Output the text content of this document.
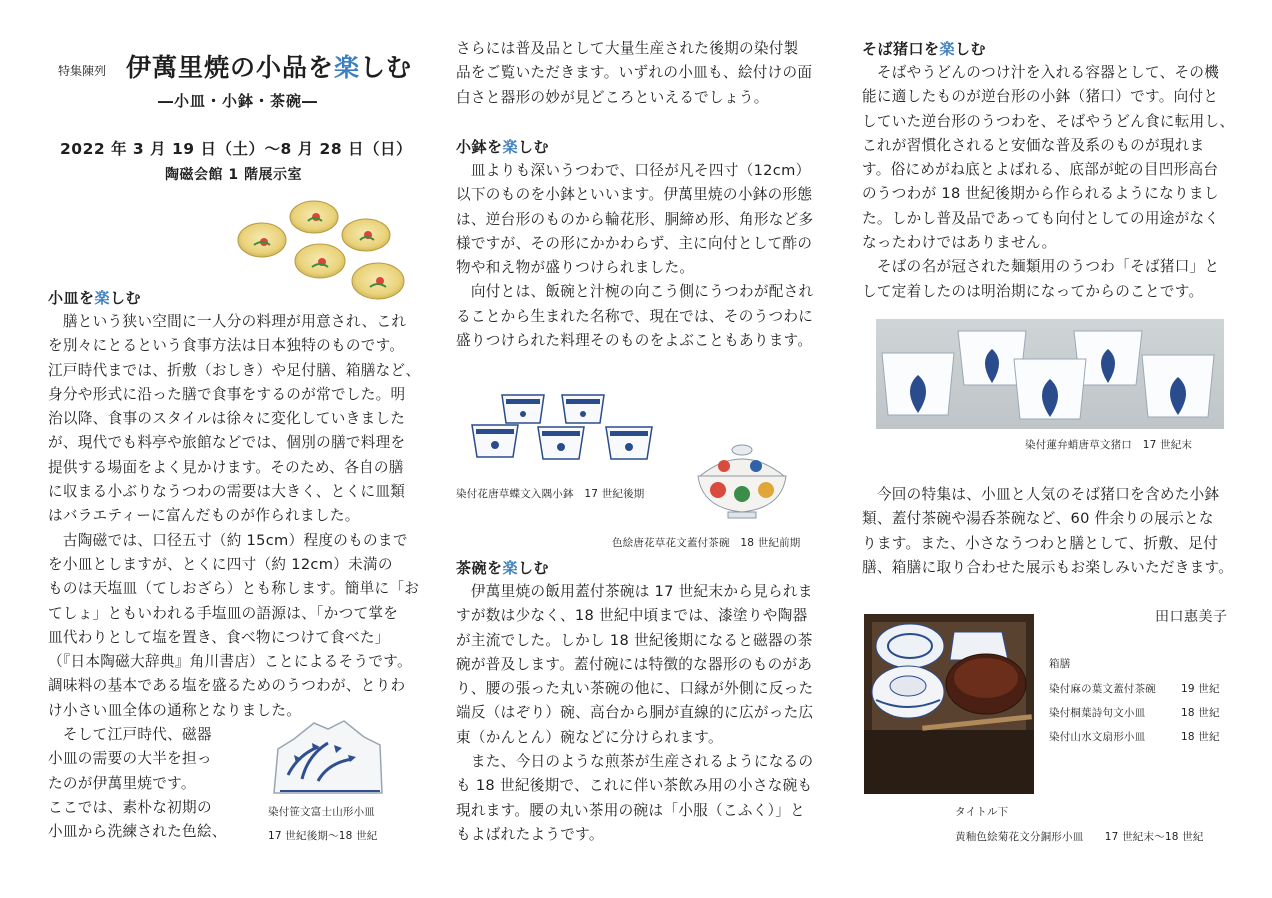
特集陳列 伊萬里焼の小品を楽しむ
―小皿・小鉢・茶碗―
2022 年 3 月 19 日（土）～8 月 28 日（日）
陶磁会館 1 階展示室
小皿を楽しむ

　膳という狭い空間に一人分の料理が用意され、これ
を別々にとるという食事方法は日本独特のものです。
江戸時代までは、折敷（おしき）や足付膳、箱膳など、
身分や形式に沿った膳で食事をするのが常でした。明
治以降、食事のスタイルは徐々に変化していきました
が、現代でも料亭や旅館などでは、個別の膳で料理を
提供する場面をよく見かけます。そのため、各自の膳
に収まる小ぶりなうつわの需要は大きく、とくに皿類
はバラエティーに富んだものが作られました。

　古陶磁では、口径五寸（約 15cm）程度のものまで
を小皿としますが、とくに四寸（約 12cm）未満の
ものは天塩皿（てしおざら）とも称します。簡単に「お
てしょ」ともいわれる手塩皿の語源は、「かつて掌を
皿代わりとして塩を置き、食べ物につけて食べた」
（『日本陶磁大辞典』角川書店）ことによるそうです。
調味料の基本である塩を盛るためのうつわが、とりわ
け小さい皿全体の通称となりました。

　そして江戸時代、磁器
小皿の需要の大半を担っ
たのが伊萬里焼です。
ここでは、素朴な初期の
小皿から洗練された色絵、

染付笹文富士山形小皿

17 世紀後期～18 世紀

さらには普及品として大量生産された後期の染付製
品をご覧いただきます。いずれの小皿も、絵付けの面
白さと器形の妙が見どころといえるでしょう。

小鉢を楽しむ

　皿よりも深いうつわで、口径が凡そ四寸（12cm）
以下のものを小鉢といいます。伊萬里焼の小鉢の形態
は、逆台形のものから輪花形、胴締め形、角形など多
様ですが、その形にかかわらず、主に向付として酢の
物や和え物が盛りつけられました。

　向付とは、飯碗と汁椀の向こう側にうつわが配され
ることから生まれた名称で、現在では、そのうつわに
盛りつけられた料理そのものをよぶこともあります。

染付花唐草蝶文入隅小鉢　17 世紀後期
色絵唐花草花文蓋付茶碗　18 世紀前期
茶碗を楽しむ

　伊萬里焼の飯用蓋付茶碗は 17 世紀末から見られま
すが数は少なく、18 世紀中頃までは、漆塗りや陶器
が主流でした。しかし 18 世紀後期になると磁器の茶
碗が普及します。蓋付碗には特徴的な器形のものがあ
り、腰の張った丸い茶碗の他に、口縁が外側に反った
端反（はぞり）碗、高台から胴が直線的に広がった広
東（かんとん）碗などに分けられます。

　また、今日のような煎茶が生産されるようになるの
も 18 世紀後期で、これに伴い茶飲み用の小さな碗も
現れます。腰の丸い茶用の碗は「小服（こふく）」と
もよばれたようです。

そば猪口を楽しむ

　そばやうどんのつけ汁を入れる容器として、その機
能に適したものが逆台形の小鉢（猪口）です。向付と
していた逆台形のうつわを、そばやうどん食に転用し、
これが習慣化されると安価な普及系のものが現れま
す。俗にめがね底とよばれる、底部が蛇の目凹形高台
のうつわが 18 世紀後期から作られるようになりまし
た。しかし普及品であっても向付としての用途がなく
なったわけではありません。

　そばの名が冠された麺類用のうつわ「そば猪口」と
して定着したのは明治期になってからのことです。

染付蓮弁蛸唐草文猪口　17 世紀末

　今回の特集は、小皿と人気のそば猪口を含めた小鉢
類、蓋付茶碗や湯呑茶碗など、60 件余りの展示とな
ります。また、小さなうつわと膳として、折敷、足付
膳、箱膳に取り合わせた展示もお楽しみいただきます。

田口惠美子

箱膳

染付麻の葉文蓋付茶碗	19 世紀
染付桐葉詩句文小皿	18 世紀
染付山水文扇形小皿	18 世紀
タイトル下
黄釉色絵菊花文分銅形小皿　　17 世紀末～18 世紀
